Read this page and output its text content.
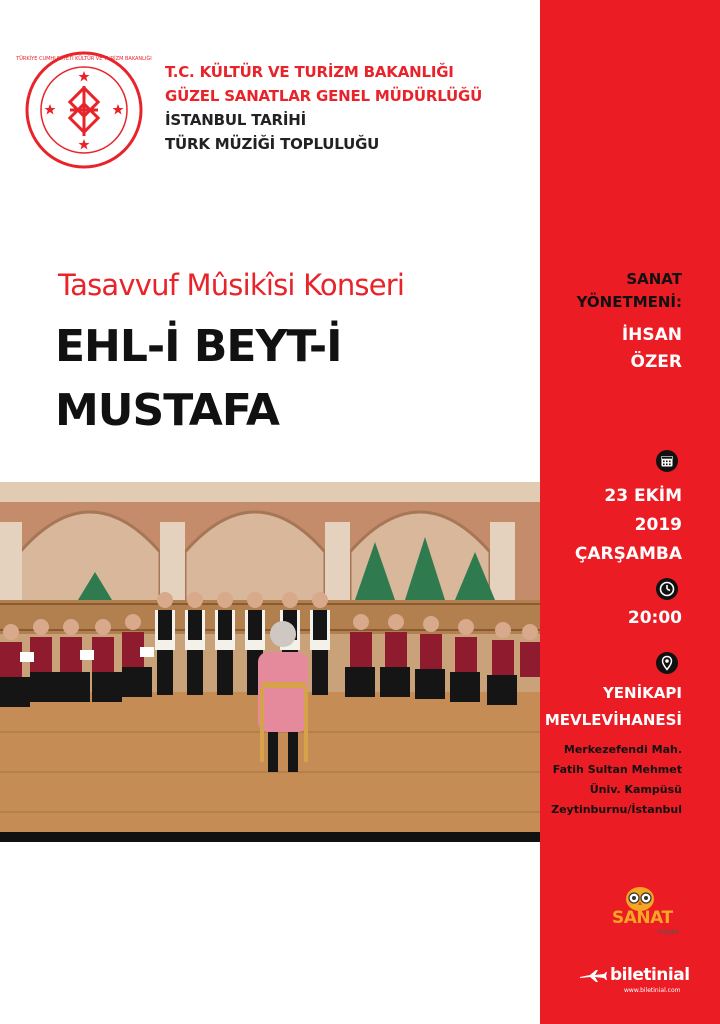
TÜRKİYE CUMHURİYETİ KÜLTÜR VE TURİZM BAKANLIĞI
T.C. KÜLTÜR VE TURİZM BAKANLIĞI
GÜZEL SANATLAR GENEL MÜDÜRLÜĞÜ
İSTANBUL TARİHİ
TÜRK MÜZİĞİ TOPLULUĞU
Tasavvuf Mûsikîsi Konseri
EHL-İ BEYT-İ
MUSTAFA
SANAT
YÖNETMENİ:
İHSAN
ÖZER
23 EKİM
2019
ÇARŞAMBA
20:00
YENİKAPI
MEVLEVİHANESİ
Merkezefendi Mah.
Fatih Sultan Mehmet
Üniv. Kampüsü
Zeytinburnu/İstanbul
SANAT
Cepte
biletinial
www.biletinial.com
